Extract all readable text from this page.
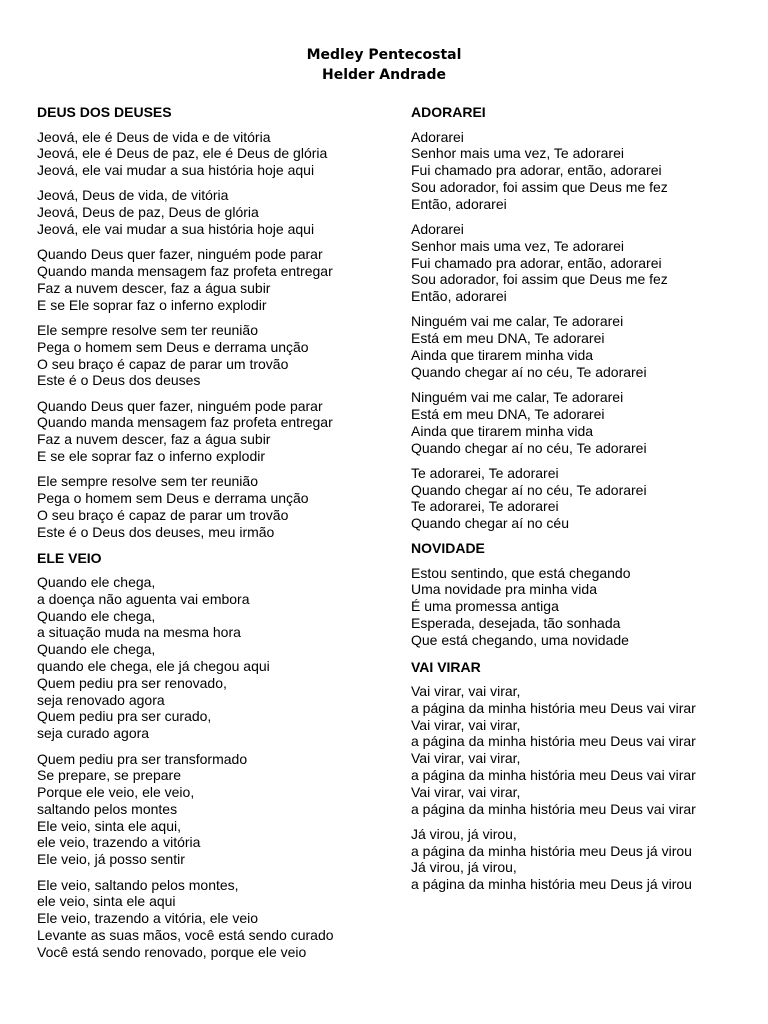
Medley Pentecostal
Helder Andrade
DEUS DOS DEUSES
Jeová, ele é Deus de vida e de vitória
Jeová, ele é Deus de paz, ele é Deus de glória
Jeová, ele vai mudar a sua história hoje aqui
Jeová, Deus de vida, de vitória
Jeová, Deus de paz, Deus de glória
Jeová, ele vai mudar a sua história hoje aqui
Quando Deus quer fazer, ninguém pode parar
Quando manda mensagem faz profeta entregar
Faz a nuvem descer, faz a água subir
E se Ele soprar faz o inferno explodir
Ele sempre resolve sem ter reunião
Pega o homem sem Deus e derrama unção
O seu braço é capaz de parar um trovão
Este é o Deus dos deuses
Quando Deus quer fazer, ninguém pode parar
Quando manda mensagem faz profeta entregar
Faz a nuvem descer, faz a água subir
E se ele soprar faz o inferno explodir
Ele sempre resolve sem ter reunião
Pega o homem sem Deus e derrama unção
O seu braço é capaz de parar um trovão
Este é o Deus dos deuses, meu irmão
ELE VEIO
Quando ele chega,
a doença não aguenta vai embora
Quando ele chega,
a situação muda na mesma hora
Quando ele chega,
quando ele chega, ele já chegou aqui
Quem pediu pra ser renovado,
seja renovado agora
Quem pediu pra ser curado,
seja curado agora
Quem pediu pra ser transformado
Se prepare, se prepare
Porque ele veio, ele veio,
saltando pelos montes
Ele veio, sinta ele aqui,
ele veio, trazendo a vitória
Ele veio, já posso sentir
Ele veio, saltando pelos montes,
ele veio, sinta ele aqui
Ele veio, trazendo a vitória, ele veio
Levante as suas mãos, você está sendo curado
Você está sendo renovado, porque ele veio
ADORAREI
Adorarei
Senhor mais uma vez, Te adorarei
Fui chamado pra adorar, então, adorarei
Sou adorador, foi assim que Deus me fez
Então, adorarei
Adorarei
Senhor mais uma vez, Te adorarei
Fui chamado pra adorar, então, adorarei
Sou adorador, foi assim que Deus me fez
Então, adorarei
Ninguém vai me calar, Te adorarei
Está em meu DNA, Te adorarei
Ainda que tirarem minha vida
Quando chegar aí no céu, Te adorarei
Ninguém vai me calar, Te adorarei
Está em meu DNA, Te adorarei
Ainda que tirarem minha vida
Quando chegar aí no céu, Te adorarei
Te adorarei, Te adorarei
Quando chegar aí no céu, Te adorarei
Te adorarei, Te adorarei
Quando chegar aí no céu
NOVIDADE
Estou sentindo, que está chegando
Uma novidade pra minha vida
É uma promessa antiga
Esperada, desejada, tão sonhada
Que está chegando, uma novidade
VAI VIRAR
Vai virar, vai virar,
a página da minha história meu Deus vai virar
Vai virar, vai virar,
a página da minha história meu Deus vai virar
Vai virar, vai virar,
a página da minha história meu Deus vai virar
Vai virar, vai virar,
a página da minha história meu Deus vai virar
Já virou, já virou,
a página da minha história meu Deus já virou
Já virou, já virou,
a página da minha história meu Deus já virou
